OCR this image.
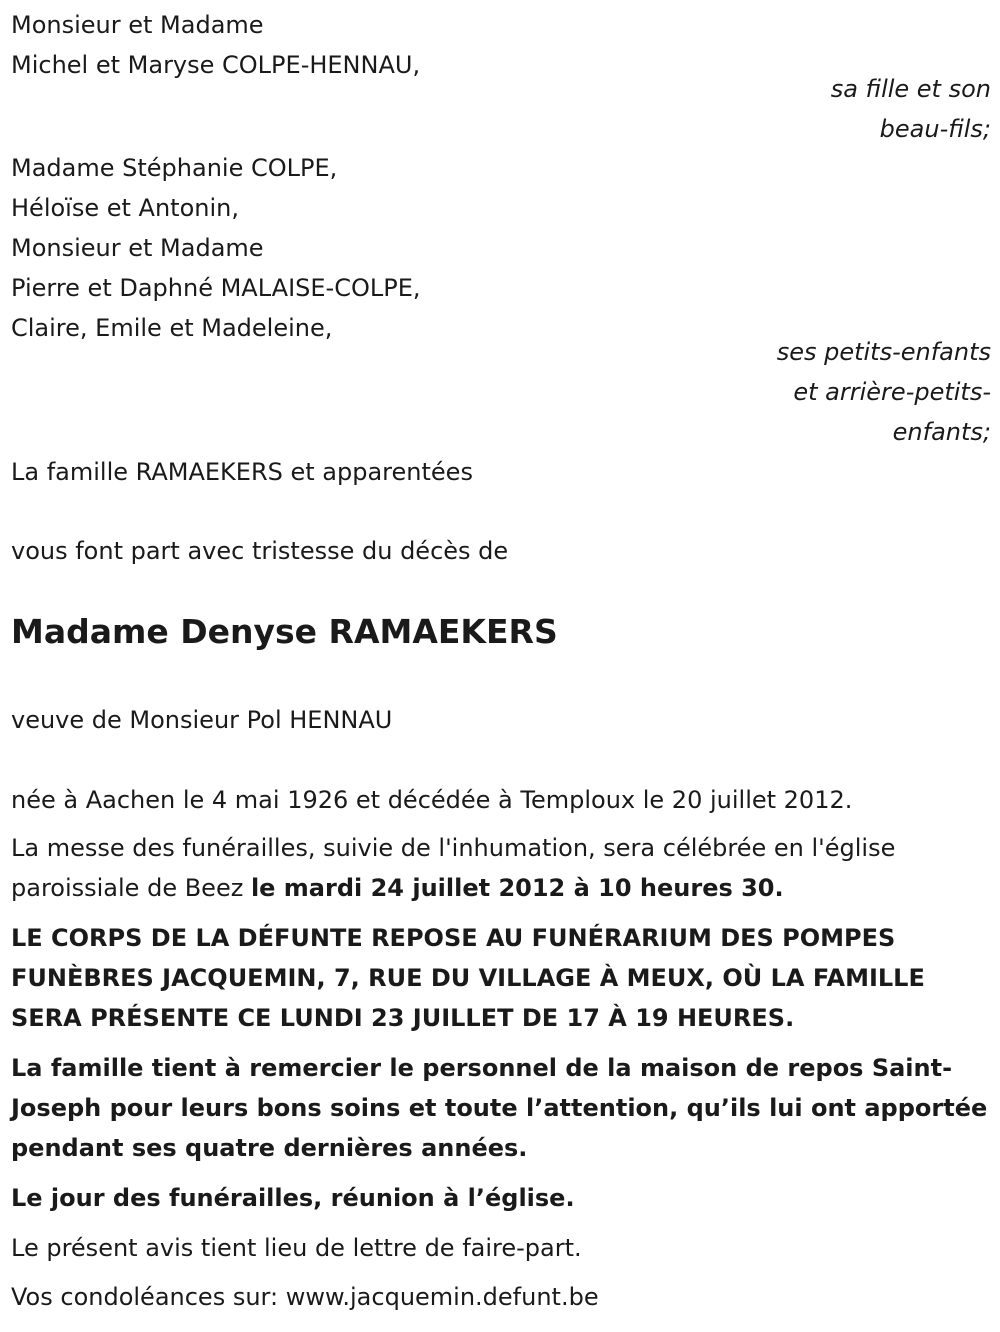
Monsieur et Madame
Michel et Maryse COLPE-HENNAU,
sa fille et son
beau-fils;
Madame Stéphanie COLPE,
Héloïse et Antonin,
Monsieur et Madame
Pierre et Daphné MALAISE-COLPE,
Claire, Emile et Madeleine,
ses petits-enfants
et arrière-petits-
enfants;
La famille RAMAEKERS et apparentées
vous font part avec tristesse du décès de
Madame Denyse RAMAEKERS
veuve de Monsieur Pol HENNAU
née à Aachen le 4 mai 1926 et décédée à Temploux le 20 juillet 2012.
La messe des funérailles, suivie de l'inhumation, sera célébrée en l'église paroissiale de Beez le mardi 24 juillet 2012 à 10 heures 30.
LE CORPS DE LA DÉFUNTE REPOSE AU FUNÉRARIUM DES POMPES FUNÈBRES JACQUEMIN, 7, RUE DU VILLAGE À MEUX, OÙ LA FAMILLE SERA PRÉSENTE CE LUNDI 23 JUILLET DE 17 À 19 HEURES.
La famille tient à remercier le personnel de la maison de repos Saint-Joseph pour leurs bons soins et toute l’attention, qu’ils lui ont apportée pendant ses quatre dernières années.
Le jour des funérailles, réunion à l’église.
Le présent avis tient lieu de lettre de faire-part.
Vos condoléances sur: www.jacquemin.defunt.be
